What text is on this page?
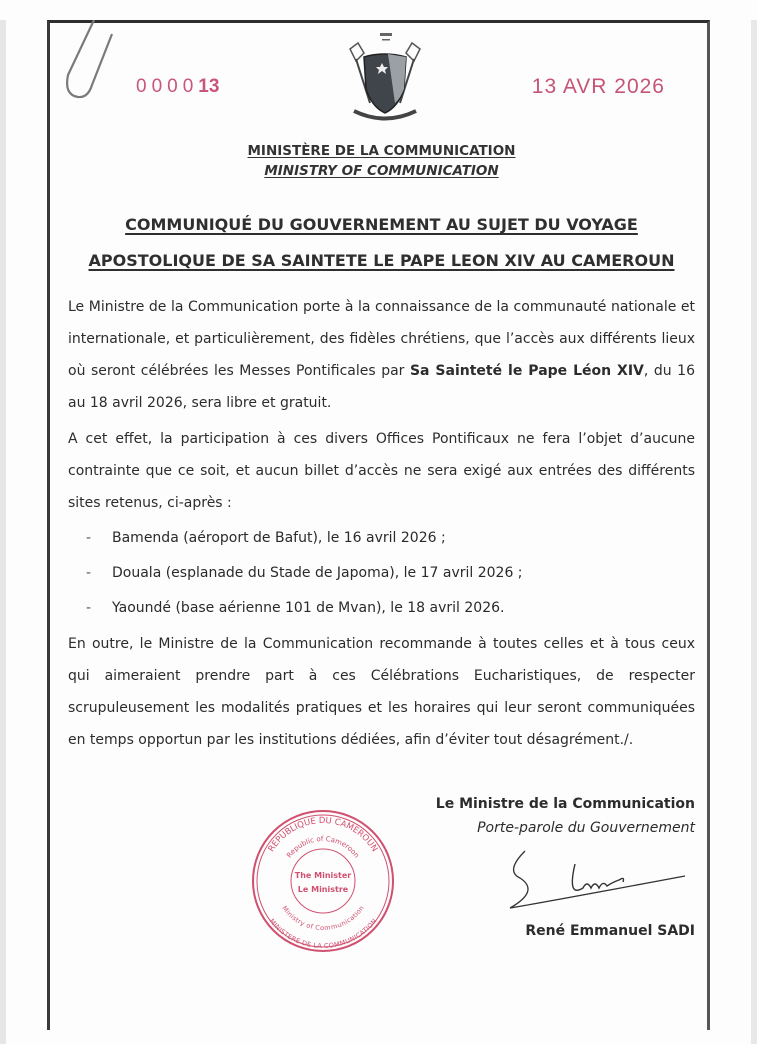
000013	13 AVR 2026
MINISTÈRE DE LA COMMUNICATION
MINISTRY OF COMMUNICATION
COMMUNIQUÉ DU GOUVERNEMENT AU SUJET DU VOYAGE
APOSTOLIQUE DE SA SAINTETE LE PAPE LEON XIV AU CAMEROUN

Le Ministre de la Communication porte à la connaissance de la communauté nationale et internationale, et particulièrement, des fidèles chrétiens, que l’accès aux différents lieux où seront célébrées les Messes Pontificales par Sa Sainteté le Pape Léon XIV, du 16 au 18 avril 2026, sera libre et gratuit.

A cet effet, la participation à ces divers Offices Pontificaux ne fera l’objet d’aucune contrainte que ce soit, et aucun billet d’accès ne sera exigé aux entrées des différents sites retenus, ci-après :

- Bamenda (aéroport de Bafut), le 16 avril 2026 ;
- Douala (esplanade du Stade de Japoma), le 17 avril 2026 ;
- Yaoundé (base aérienne 101 de Mvan), le 18 avril 2026.

En outre, le Ministre de la Communication recommande à toutes celles et à tous ceux qui aimeraient prendre part à ces Célébrations Eucharistiques, de respecter scrupuleusement les modalités pratiques et les horaires qui leur seront communiquées en temps opportun par les institutions dédiées, afin d’éviter tout désagrément./.

REPUBLIQUE DU CAMEROUN
Republic of Cameroon
MINISTERE DE LA COMMUNICATION
Ministry of Communication
The Minister
Le Ministre
Le Ministre de la Communication
Porte-parole du Gouvernement
René Emmanuel SADI
